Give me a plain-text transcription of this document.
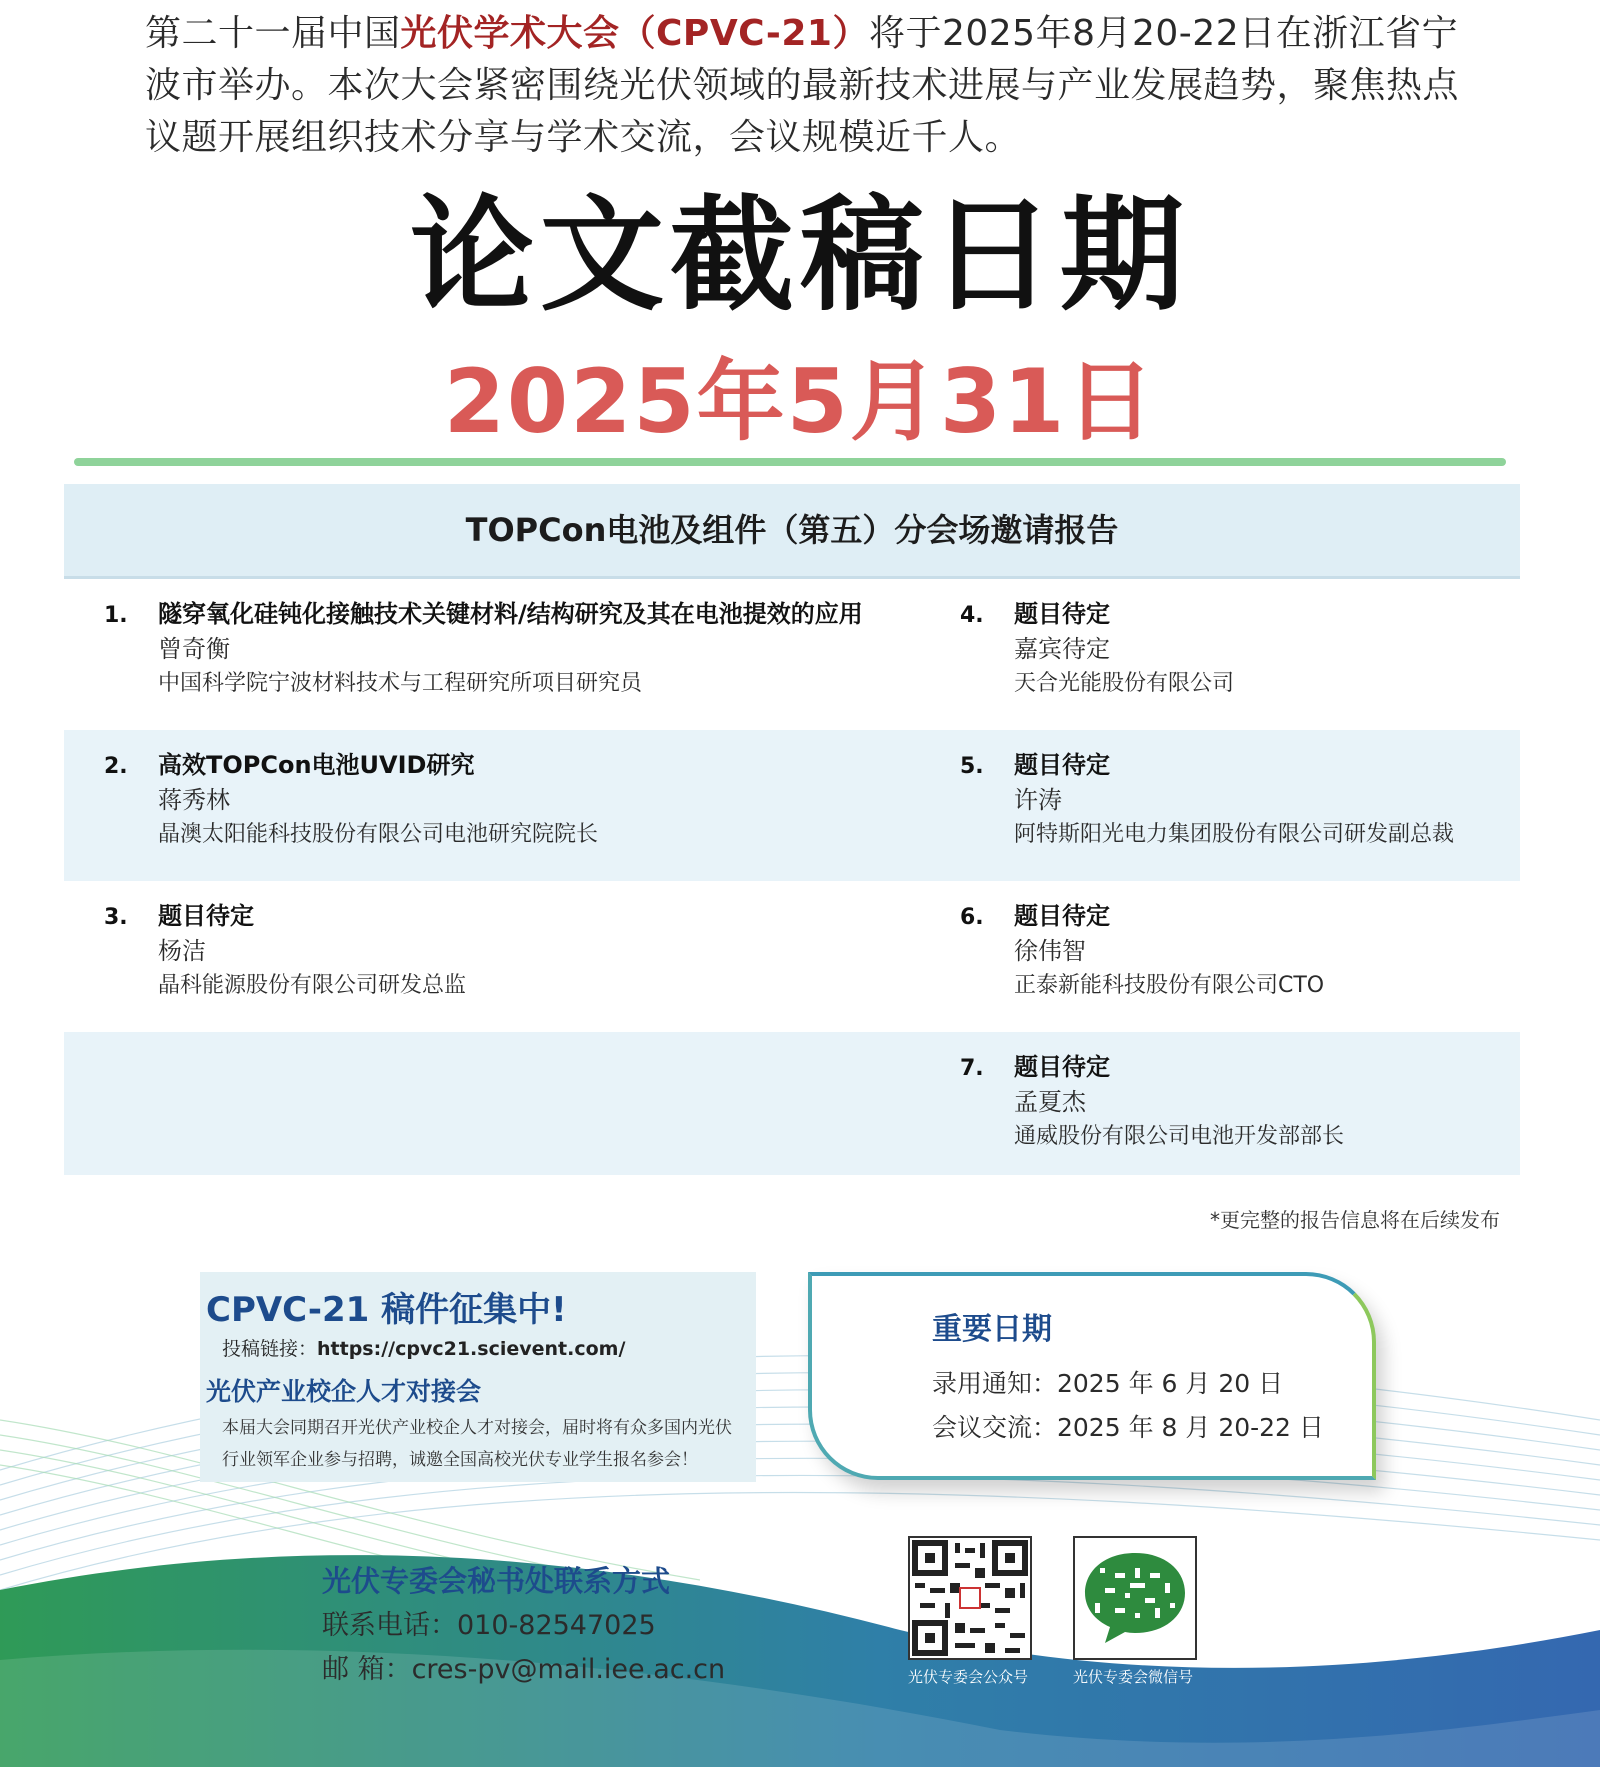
第二十一届中国光伏学术大会（CPVC-21）将于2025年8月20-22日在浙江省宁波市举办。本次大会紧密围绕光伏领域的最新技术进展与产业发展趋势，聚焦热点议题开展组织技术分享与学术交流，会议规模近千人。
论文截稿日期
2025年5月31日
TOPCon电池及组件（第五）分会场邀请报告
1. 隧穿氧化硅钝化接触技术关键材料/结构研究及其在电池提效的应用
曾奇衡
中国科学院宁波材料技术与工程研究所项目研究员
4. 题目待定
嘉宾待定
天合光能股份有限公司
2. 高效TOPCon电池UVID研究
蒋秀林
晶澳太阳能科技股份有限公司电池研究院院长
5. 题目待定
许涛
阿特斯阳光电力集团股份有限公司研发副总裁
3. 题目待定
杨洁
晶科能源股份有限公司研发总监
6. 题目待定
徐伟智
正泰新能科技股份有限公司CTO
7. 题目待定
孟夏杰
通威股份有限公司电池开发部部长
*更完整的报告信息将在后续发布
CPVC-21 稿件征集中!
投稿链接：https://cpvc21.scievent.com/
光伏产业校企人才对接会
本届大会同期召开光伏产业校企人才对接会，届时将有众多国内光伏行业领军企业参与招聘，诚邀全国高校光伏专业学生报名参会！
重要日期
录用通知：2025 年 6 月 20 日
会议交流：2025 年 8 月 20-22 日
光伏专委会秘书处联系方式
联系电话：010-82547025
邮 箱：cres-pv@mail.iee.ac.cn	光伏专委会公众号	光伏专委会微信号
